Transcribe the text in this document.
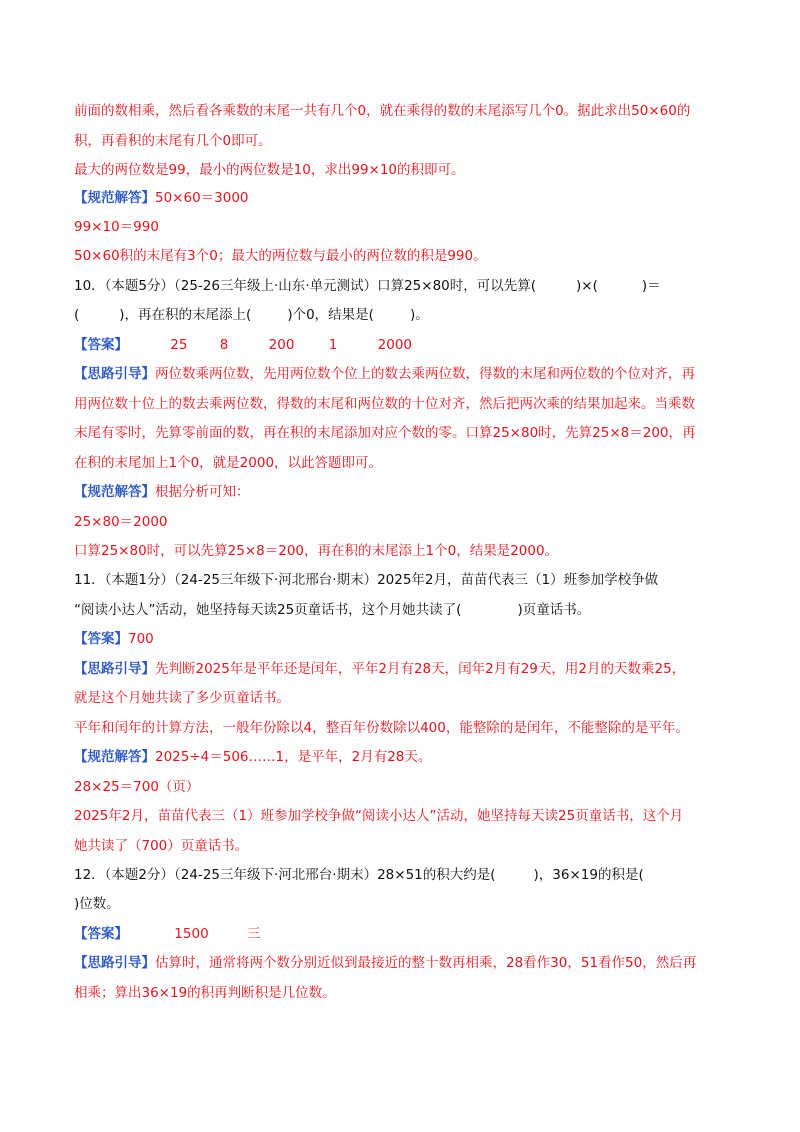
前面的数相乘，然后看各乘数的末尾一共有几个0，就在乘得的数的末尾添写几个0。据此求出50×60的
积，再看积的末尾有几个0即可。
最大的两位数是99，最小的两位数是10，求出99×10的积即可。
【规范解答】50×60＝3000
99×10＝990
50×60积的末尾有3个0；最大的两位数与最小的两位数的积是990。
10．（本题5分）（25-26三年级上·山东·单元测试）口算25×80时，可以先算(	)×(	)＝
(	)，再在积的末尾添上(	)个0，结果是(	)。
【答案】	25 8	200	1	2000
【思路引导】两位数乘两位数，先用两位数个位上的数去乘两位数，得数的末尾和两位数的个位对齐，再
用两位数十位上的数去乘两位数，得数的末尾和两位数的十位对齐，然后把两次乘的结果加起来。当乘数
末尾有零时，先算零前面的数，再在积的末尾添加对应个数的零。口算25×80时，先算25×8＝200，再
在积的末尾加上1个0，就是2000，以此答题即可。
【规范解答】根据分析可知：
25×80＝2000
口算25×80时，可以先算25×8＝200，再在积的末尾添上1个0，结果是2000。
11．（本题1分）（24-25三年级下·河北邢台·期末）2025年2月，苗苗代表三（1）班参加学校争做
“阅读小达人”活动，她坚持每天读25页童话书，这个月她共读了(	)页童话书。
【答案】700
【思路引导】先判断2025年是平年还是闰年，平年2月有28天，闰年2月有29天，用2月的天数乘25，
就是这个月她共读了多少页童话书。
平年和闰年的计算方法，一般年份除以4，整百年份数除以400，能整除的是闰年，不能整除的是平年。
【规范解答】2025÷4＝506……1，是平年，2月有28天。
28×25＝700（页）
2025年2月，苗苗代表三（1）班参加学校争做“阅读小达人”活动，她坚持每天读25页童话书，这个月
她共读了（700）页童话书。
12．（本题2分）（24-25三年级下·河北邢台·期末）28×51的积大约是(	)，36×19的积是(
)位数。
【答案】	1500	三
【思路引导】估算时，通常将两个数分别近似到最接近的整十数再相乘，28看作30，51看作50，然后再
相乘；算出36×19的积再判断积是几位数。
